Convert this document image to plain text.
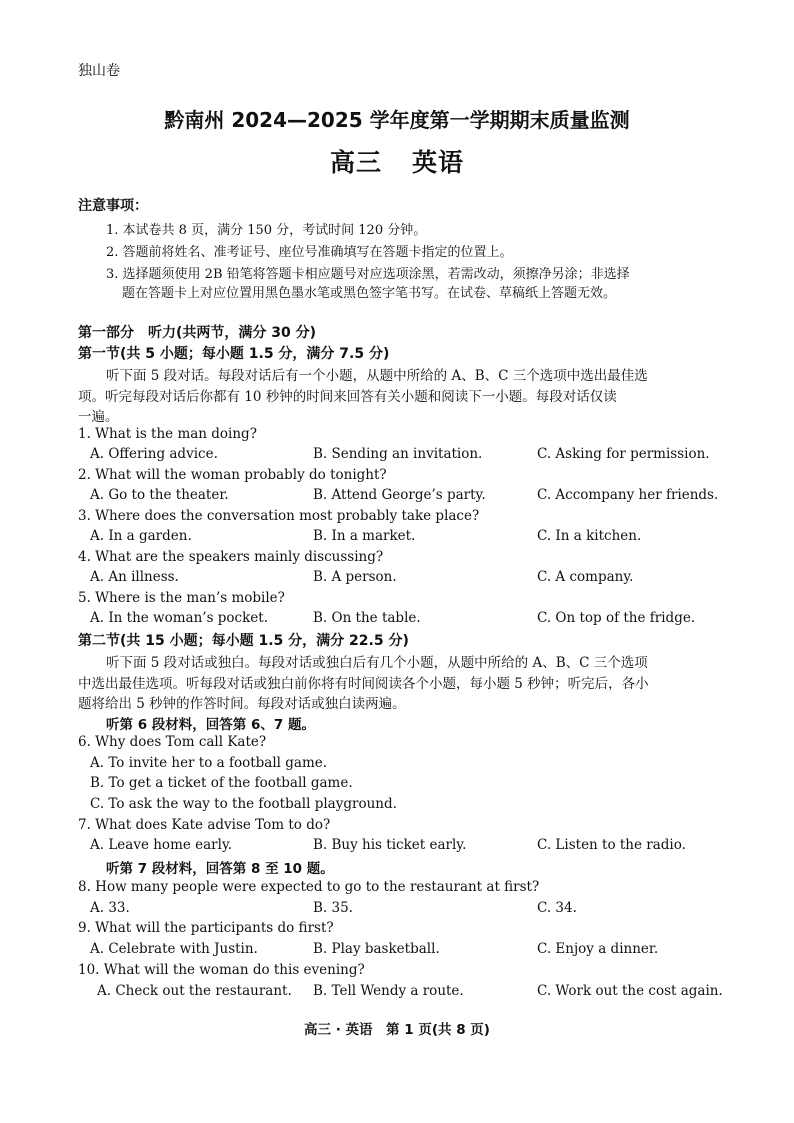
独山卷
黔南州 2024—2025 学年度第一学期期末质量监测
高三 英语
注意事项：
1. 本试卷共 8 页，满分 150 分，考试时间 120 分钟。
2. 答题前将姓名、准考证号、座位号准确填写在答题卡指定的位置上。
3. 选择题须使用 2B 铅笔将答题卡相应题号对应选项涂黑，若需改动，须擦净另涂；非选择
题在答题卡上对应位置用黑色墨水笔或黑色签字笔书写。在试卷、草稿纸上答题无效。
第一部分　听力(共两节，满分 30 分)
第一节(共 5 小题；每小题 1.5 分，满分 7.5 分)
听下面 5 段对话。每段对话后有一个小题，从题中所给的 A、B、C 三个选项中选出最佳选
项。听完每段对话后你都有 10 秒钟的时间来回答有关小题和阅读下一小题。每段对话仅读
一遍。
1. What is the man doing?
A. Offering advice.	B. Sending an invitation.	C. Asking for permission.
2. What will the woman probably do tonight?
A. Go to the theater.	B. Attend George’s party.	C. Accompany her friends.
3. Where does the conversation most probably take place?
A. In a garden.	B. In a market.	C. In a kitchen.
4. What are the speakers mainly discussing?
A. An illness.	B. A person.	C. A company.
5. Where is the man’s mobile?
A. In the woman’s pocket.	B. On the table.	C. On top of the fridge.
第二节(共 15 小题；每小题 1.5 分，满分 22.5 分)
听下面 5 段对话或独白。每段对话或独白后有几个小题，从题中所给的 A、B、C 三个选项
中选出最佳选项。听每段对话或独白前你将有时间阅读各个小题，每小题 5 秒钟；听完后，各小
题将给出 5 秒钟的作答时间。每段对话或独白读两遍。
听第 6 段材料，回答第 6、7 题。
6. Why does Tom call Kate?
A. To invite her to a football game.
B. To get a ticket of the football game.
C. To ask the way to the football playground.
7. What does Kate advise Tom to do?
A. Leave home early.	B. Buy his ticket early.	C. Listen to the radio.
听第 7 段材料，回答第 8 至 10 题。
8. How many people were expected to go to the restaurant at first?
A. 33.	B. 35.	C. 34.
9. What will the participants do first?
A. Celebrate with Justin.	B. Play basketball.	C. Enjoy a dinner.
10. What will the woman do this evening?
A. Check out the restaurant. B. Tell Wendy a route.	C. Work out the cost again.
高三 · 英语　第 1 页(共 8 页)
